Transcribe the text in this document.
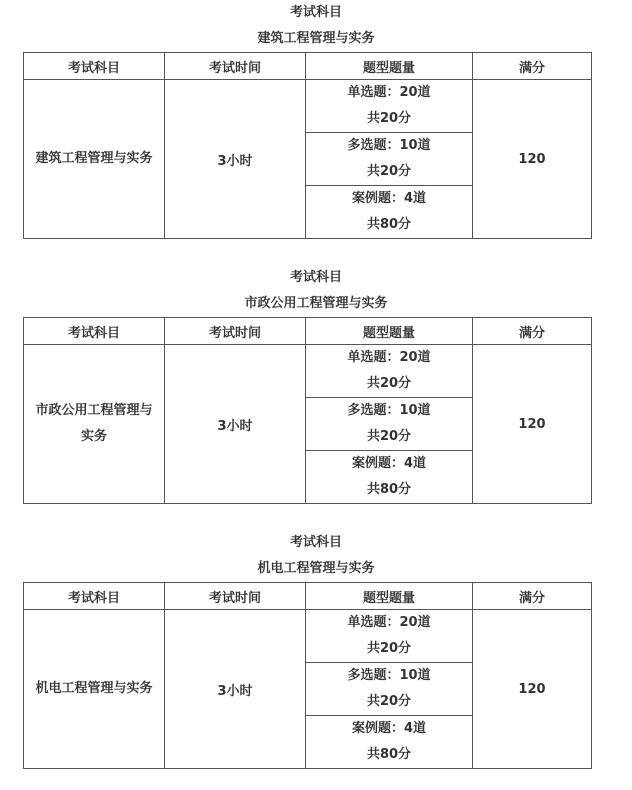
考试科目
建筑工程管理与实务
考试科目	考试时间	题型题量	满分

建筑工程管理与实务	3小时	单选题：20道
共20分	120

		多选题：10道
共20分	

		案例题：4道
共80分	
考试科目
市政公用工程管理与实务
考试科目	考试时间	题型题量	满分

市政公用工程管理与
实务	3小时	单选题：20道
共20分	120

		多选题：10道
共20分	

		案例题：4道
共80分	
考试科目
机电工程管理与实务
考试科目	考试时间	题型题量	满分

机电工程管理与实务	3小时	单选题：20道
共20分	120

		多选题：10道
共20分	

		案例题：4道
共80分	
